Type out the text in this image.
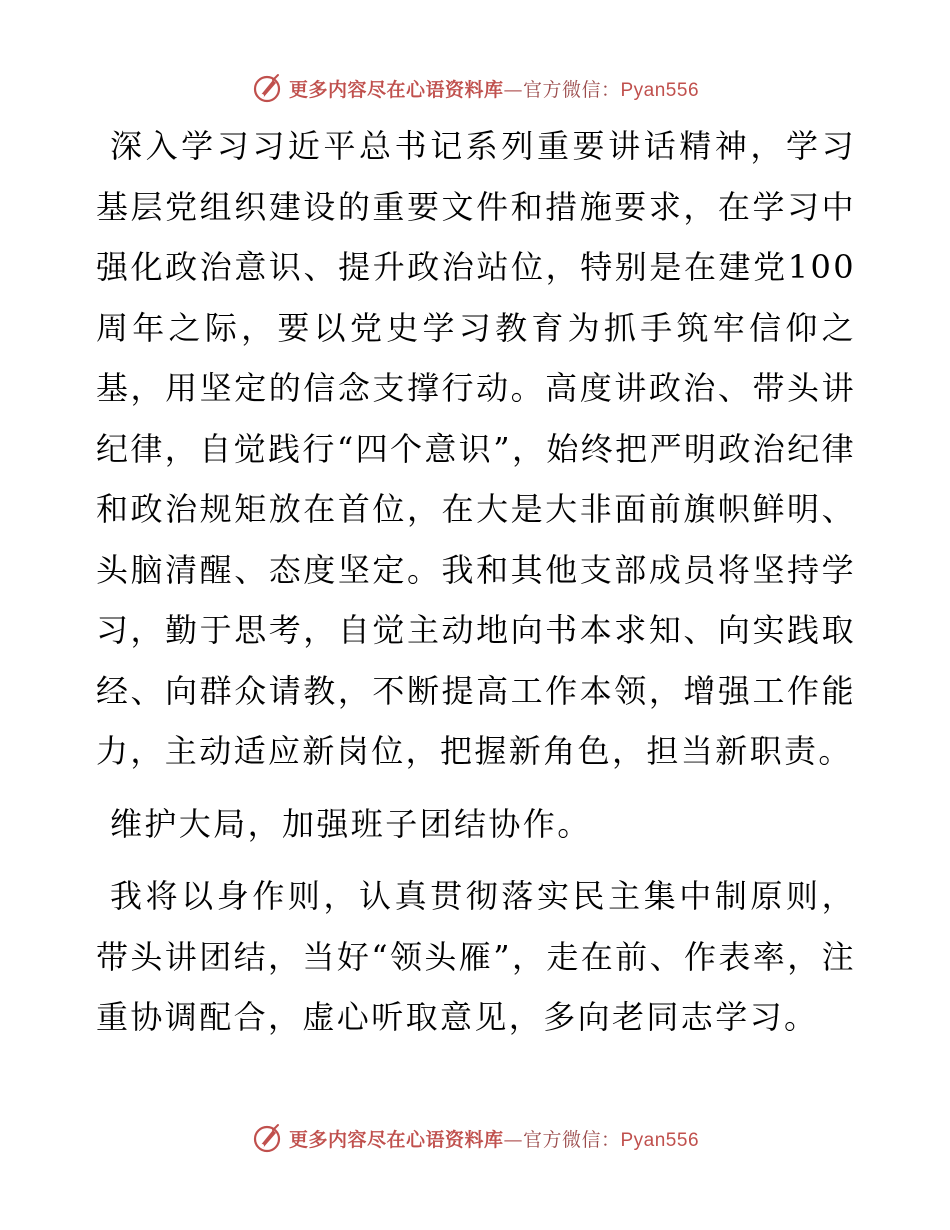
更多内容尽在心语资料库—官方微信：Pyan556

深入学习习近平总书记系列重要讲话精神，学习基层党组织建设的重要文件和措施要求，在学习中强化政治意识、提升政治站位，特别是在建党100周年之际，要以党史学习教育为抓手筑牢信仰之基，用坚定的信念支撑行动。高度讲政治、带头讲纪律，自觉践行“四个意识”，始终把严明政治纪律和政治规矩放在首位，在大是大非面前旗帜鲜明、头脑清醒、态度坚定。我和其他支部成员将坚持学习，勤于思考，自觉主动地向书本求知、向实践取经、向群众请教，不断提高工作本领，增强工作能力，主动适应新岗位，把握新角色，担当新职责。

维护大局，加强班子团结协作。

我将以身作则，认真贯彻落实民主集中制原则，带头讲团结，当好“领头雁”，走在前、作表率，注重协调配合，虚心听取意见，多向老同志学习。

更多内容尽在心语资料库—官方微信：Pyan556
